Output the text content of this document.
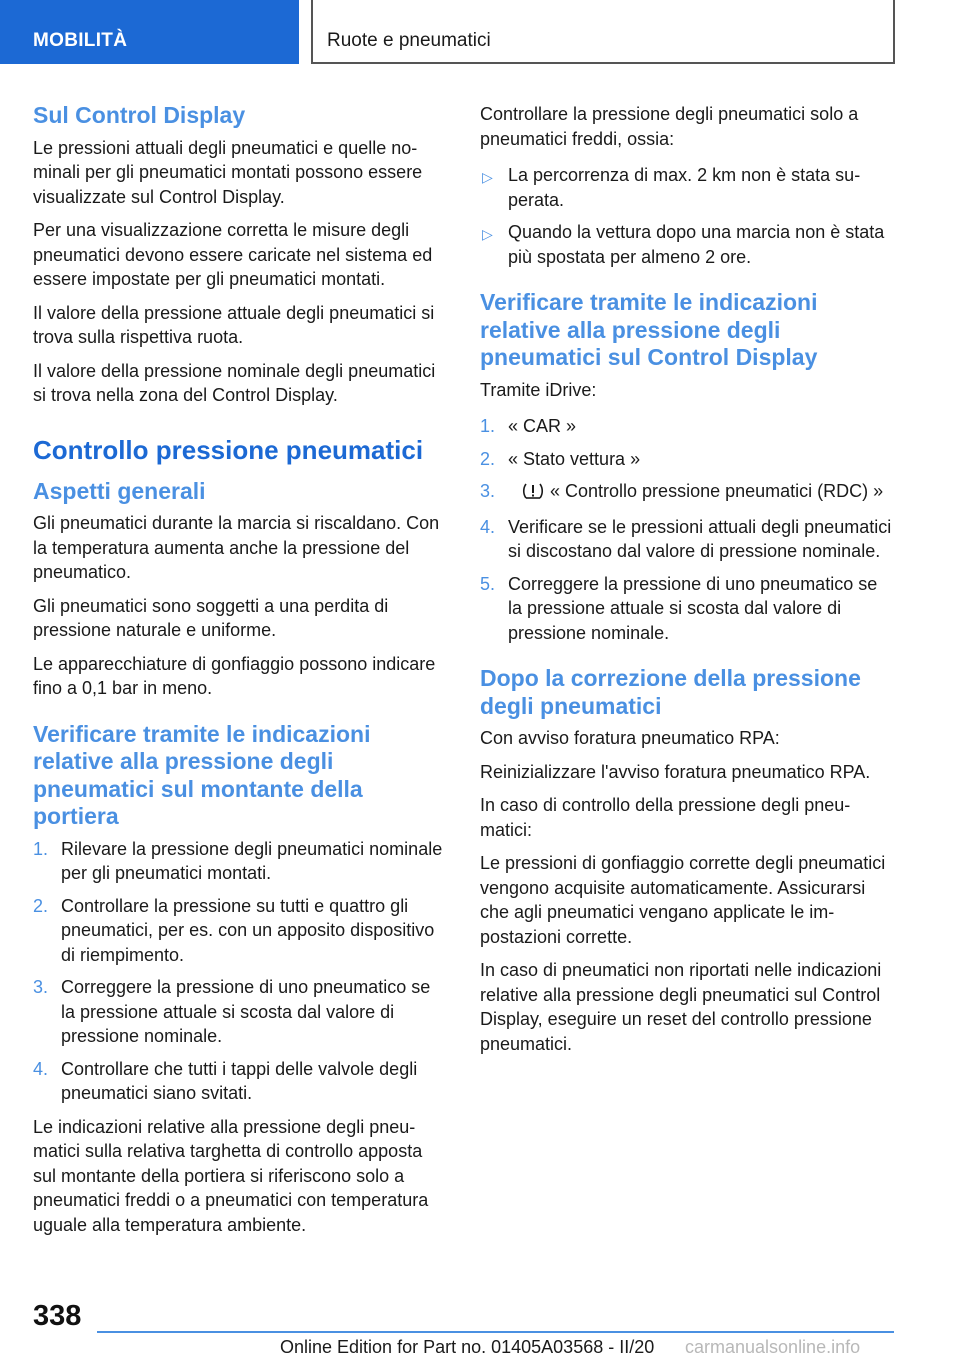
MOBILITÀ	Ruote e pneumatici
Sul Control Display

Le pressioni attuali degli pneumatici e quelle nominali per gli pneumatici montati possono essere visualizzate sul Control Display.

Per una visualizzazione corretta le misure degli pneumatici devono essere caricate nel sistema ed essere impostate per gli pneumatici montati.

Il valore della pressione attuale degli pneumatici si trova sulla rispettiva ruota.

Il valore della pressione nominale degli pneumatici si trova nella zona del Control Display.

Controllo pressione pneumatici
Aspetti generali

Gli pneumatici durante la marcia si riscaldano. Con la temperatura aumenta anche la pressione del pneumatico.

Gli pneumatici sono soggetti a una perdita di pressione naturale e uniforme.

Le apparecchiature di gonfiaggio possono indicare fino a 0,1 bar in meno.

Verificare tramite le indicazioni relative alla pressione degli pneumatici sul montante della portiera
1. Rilevare la pressione degli pneumatici nominale per gli pneumatici montati.
2. Controllare la pressione su tutti e quattro gli pneumatici, per es. con un apposito dispositivo di riempimento.
3. Correggere la pressione di uno pneumatico se la pressione attuale si scosta dal valore di pressione nominale.
4. Controllare che tutti i tappi delle valvole degli pneumatici siano svitati.

Le indicazioni relative alla pressione degli pneumatici sulla relativa targhetta di controllo apposta sul montante della portiera si riferiscono solo a pneumatici freddi o a pneumatici con temperatura uguale alla temperatura ambiente.

Controllare la pressione degli pneumatici solo a pneumatici freddi, ossia:

▷ La percorrenza di max. 2 km non è stata superata.
▷ Quando la vettura dopo una marcia non è stata più spostata per almeno 2 ore.
Verificare tramite le indicazioni relative alla pressione degli pneumatici sul Control Display

Tramite iDrive:

1. « CAR »
2. « Stato vettura »
3.	« Controllo pressione pneumatici (RDC) »
4. Verificare se le pressioni attuali degli pneumatici si discostano dal valore di pressione nominale.
5. Correggere la pressione di uno pneumatico se la pressione attuale si scosta dal valore di pressione nominale.
Dopo la correzione della pressione degli pneumatici

Con avviso foratura pneumatico RPA:

Reinizializzare l'avviso foratura pneumatico RPA.

In caso di controllo della pressione degli pneumatici:

Le pressioni di gonfiaggio corrette degli pneumatici vengono acquisite automaticamente. Assicurarsi che agli pneumatici vengano applicate le impostazioni corrette.

In caso di pneumatici non riportati nelle indicazioni relative alla pressione degli pneumatici sul Control Display, eseguire un reset del controllo pressione pneumatici.

338
Online Edition for Part no. 01405A03568 - II/20 carmanualsonline.info
